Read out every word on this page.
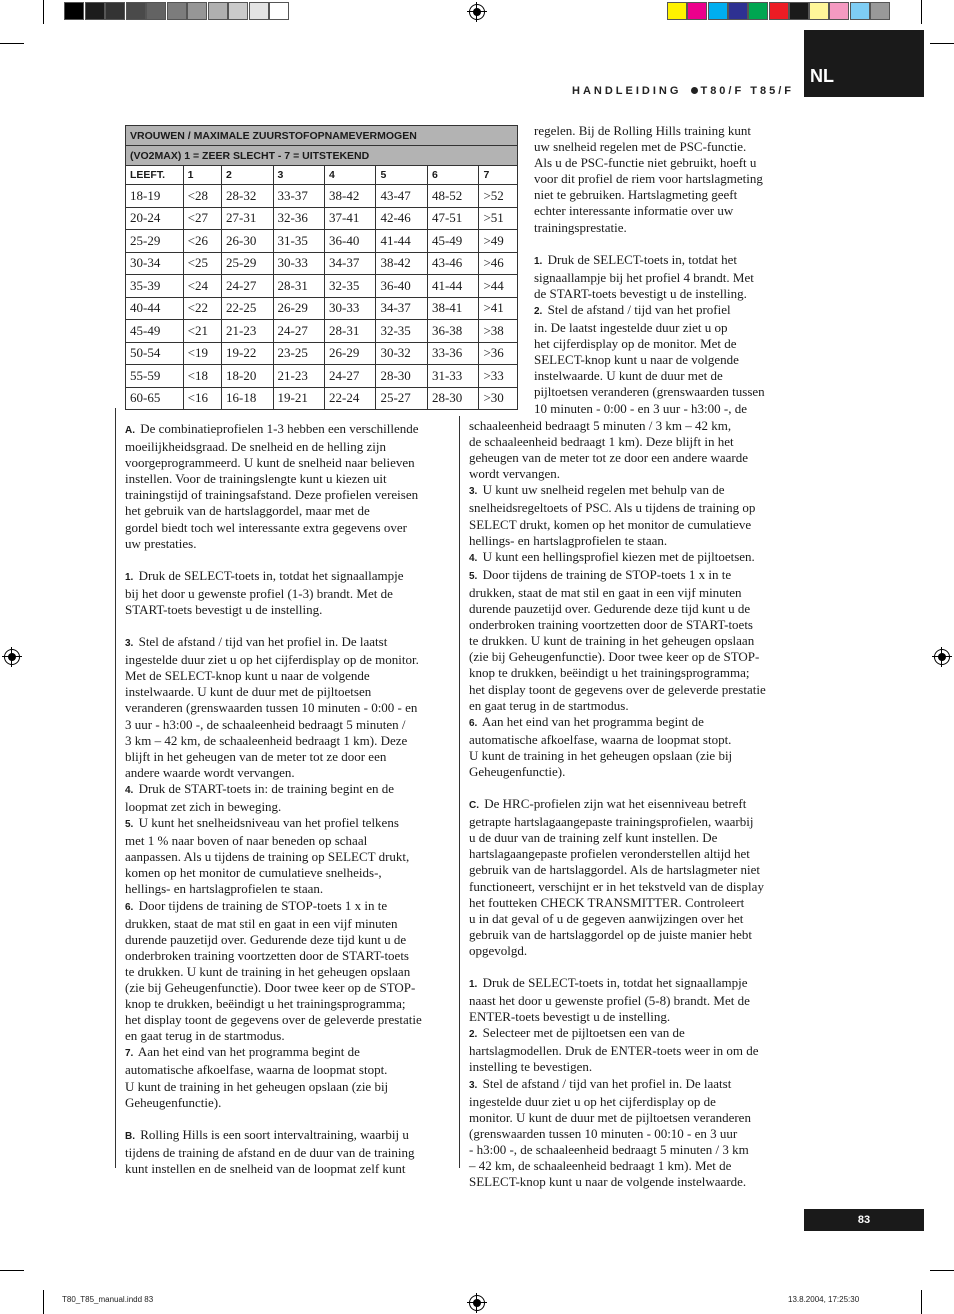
HANDLEIDING T80/F T85/F
NL
VROUWEN / MAXIMALE ZUURSTOFOPNAMEVERMOGEN							
(VO2MAX) 1 = ZEER SLECHT - 7 = UITSTEKEND							
LEEFT.	1	2	3	4	5	6	7
18-19	<28	28-32	33-37	38-42	43-47	48-52	>52
20-24	<27	27-31	32-36	37-41	42-46	47-51	>51
25-29	<26	26-30	31-35	36-40	41-44	45-49	>49
30-34	<25	25-29	30-33	34-37	38-42	43-46	>46
35-39	<24	24-27	28-31	32-35	36-40	41-44	>44
40-44	<22	22-25	26-29	30-33	34-37	38-41	>41
45-49	<21	21-23	24-27	28-31	32-35	36-38	>38
50-54	<19	19-22	23-25	26-29	30-32	33-36	>36
55-59	<18	18-20	21-23	24-27	28-30	31-33	>33
60-65	<16	16-18	19-21	22-24	25-27	28-30	>30

regelen. Bij de Rolling Hills training kunt
uw snelheid regelen met de PSC-functie.
Als u de PSC-functie niet gebruikt, hoeft u
voor dit profiel de riem voor hartslagmeting
niet te gebruiken. Hartslagmeting geeft
echter interessante informatie over uw
trainingsprestatie.

1. Druk de SELECT-toets in, totdat het
signaallampje bij het profiel 4 brandt. Met
de START-toets bevestigt u de instelling.

2. Stel de afstand / tijd van het profiel
in. De laatst ingestelde duur ziet u op
het cijferdisplay op de monitor. Met de
SELECT-knop kunt u naar de volgende
instelwaarde. U kunt de duur met de
pijltoetsen veranderen (grenswaarden tussen
10 minuten - 0:00 - en 3 uur - h3:00 -, de

A. De combinatieprofielen 1-3 hebben een verschillende
moeilijkheidsgraad. De snelheid en de helling zijn
voorgeprogrammeerd. U kunt de snelheid naar believen
instellen. Voor de trainingslengte kunt u kiezen uit
trainingstijd of trainingsafstand. Deze profielen vereisen
het gebruik van de hartslaggordel, maar met de
gordel biedt toch wel interessante extra gegevens over
uw prestaties.

1. Druk de SELECT-toets in, totdat het signaallampje
bij het door u gewenste profiel (1-3) brandt. Met de
START-toets bevestigt u de instelling.

3. Stel de afstand / tijd van het profiel in. De laatst
ingestelde duur ziet u op het cijferdisplay op de monitor.
Met de SELECT-knop kunt u naar de volgende
instelwaarde. U kunt de duur met de pijltoetsen
veranderen (grenswaarden tussen 10 minuten - 0:00 - en
3 uur - h3:00 -, de schaaleenheid bedraagt 5 minuten /
3 km – 42 km, de schaaleenheid bedraagt 1 km). Deze
blijft in het geheugen van de meter tot ze door een
andere waarde wordt vervangen.

4. Druk de START-toets in: de training begint en de
loopmat zet zich in beweging.

5. U kunt het snelheidsniveau van het profiel telkens
met 1 % naar boven of naar beneden op schaal
aanpassen. Als u tijdens de training op SELECT drukt,
komen op het monitor de cumulatieve snelheids-,
hellings- en hartslagprofielen te staan.

6. Door tijdens de training de STOP-toets 1 x in te
drukken, staat de mat stil en gaat in een vijf minuten
durende pauzetijd over. Gedurende deze tijd kunt u de
onderbroken training voortzetten door de START-toets
te drukken. U kunt de training in het geheugen opslaan
(zie bij Geheugenfunctie). Door twee keer op de STOP-
knop te drukken, beëindigt u het trainingsprogramma;
het display toont de gegevens over de geleverde prestatie
en gaat terug in de startmodus.

7. Aan het eind van het programma begint de
automatische afkoelfase, waarna de loopmat stopt.
U kunt de training in het geheugen opslaan (zie bij
Geheugenfunctie).

B. Rolling Hills is een soort intervaltraining, waarbij u
tijdens de training de afstand en de duur van de training
kunt instellen en de snelheid van de loopmat zelf kunt

schaaleenheid bedraagt 5 minuten / 3 km – 42 km,
de schaaleenheid bedraagt 1 km). Deze blijft in het
geheugen van de meter tot ze door een andere waarde
wordt vervangen.

3. U kunt uw snelheid regelen met behulp van de
snelheidsregeltoets of PSC. Als u tijdens de training op
SELECT drukt, komen op het monitor de cumulatieve
hellings- en hartslagprofielen te staan.

4. U kunt een hellingsprofiel kiezen met de pijltoetsen.

5. Door tijdens de training de STOP-toets 1 x in te
drukken, staat de mat stil en gaat in een vijf minuten
durende pauzetijd over. Gedurende deze tijd kunt u de
onderbroken training voortzetten door de START-toets
te drukken. U kunt de training in het geheugen opslaan
(zie bij Geheugenfunctie). Door twee keer op de STOP-
knop te drukken, beëindigt u het trainingsprogramma;
het display toont de gegevens over de geleverde prestatie
en gaat terug in de startmodus.

6. Aan het eind van het programma begint de
automatische afkoelfase, waarna de loopmat stopt.
U kunt de training in het geheugen opslaan (zie bij
Geheugenfunctie).

C. De HRC-profielen zijn wat het eisenniveau betreft
getrapte hartslagaangepaste trainingsprofielen, waarbij
u de duur van de training zelf kunt instellen. De
hartslagaangepaste profielen veronderstellen altijd het
gebruik van de hartslaggordel. Als de hartslagmeter niet
functioneert, verschijnt er in het tekstveld van de display
het foutteken CHECK TRANSMITTER. Controleert
u in dat geval of u de gegeven aanwijzingen over het
gebruik van de hartslaggordel op de juiste manier hebt
opgevolgd.

1. Druk de SELECT-toets in, totdat het signaallampje
naast het door u gewenste profiel (5-8) brandt. Met de
ENTER-toets bevestigt u de instelling.

2. Selecteer met de pijltoetsen een van de
hartslagmodellen. Druk de ENTER-toets weer in om de
instelling te bevestigen.

3. Stel de afstand / tijd van het profiel in. De laatst
ingestelde duur ziet u op het cijferdisplay op de
monitor. U kunt de duur met de pijltoetsen veranderen
(grenswaarden tussen 10 minuten - 00:10 - en 3 uur
- h3:00 -, de schaaleenheid bedraagt 5 minuten / 3 km
– 42 km, de schaaleenheid bedraagt 1 km). Met de
SELECT-knop kunt u naar de volgende instelwaarde.

83
T80_T85_manual.indd 83	13.8.2004, 17:25:30
